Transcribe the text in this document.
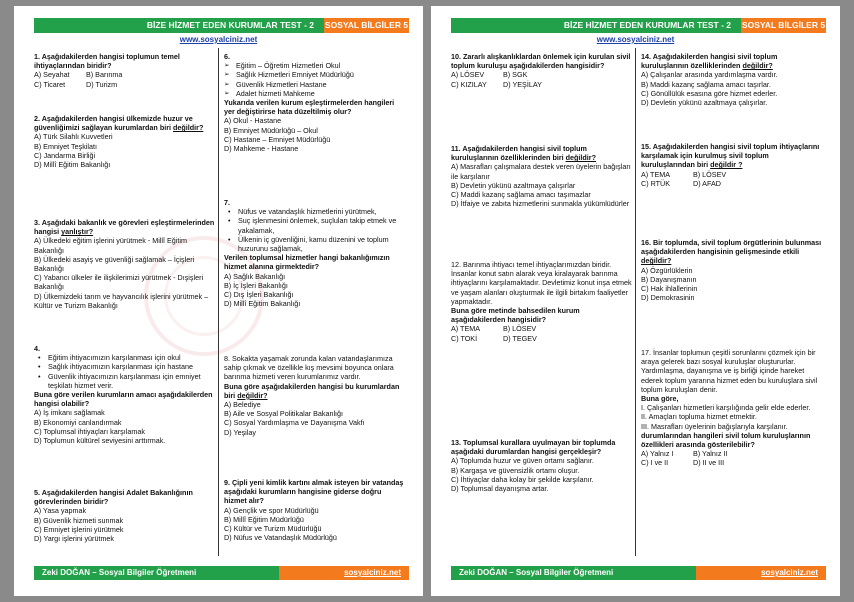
BİZE HİZMET EDEN KURUMLAR TEST - 2	SOSYAL BİLGİLER 5
www.sosyalciniz.net
1. Aşağıdakilerden hangisi toplumun temel ihtiyaçlarından biridir?
A) Seyahat B) Barınma
C) Ticaret	D) Turizm
2. Aşağıdakilerden hangisi ülkemizde huzur ve güvenliğimizi sağlayan kurumlardan biri değildir?
A) Türk Silahlı Kuvvetleri
B) Emniyet Teşkilatı
C) Jandarma Birliği
D) Millî Eğitim Bakanlığı
3. Aşağıdaki bakanlık ve görevleri eşleştirmelerinden hangisi yanlıştır?
A) Ülkedeki eğitim işlerini yürütmek - Millî Eğitim Bakanlığı
B) Ülkedeki asayiş ve güvenliği sağlamak – İçişleri Bakanlığı
C) Yabancı ülkeler ile ilişkilerimizi yürütmek - Dışişleri Bakanlığı
D) Ülkemizdeki tarım ve hayvancılık işlerini yürütmek – Kültür ve Turizm Bakanlığı
4.
• Eğitim ihtiyacımızın karşılanması için okul
• Sağlık ihtiyacımızın karşılanması için hastane
• Güvenlik ihtiyacımızın karşılanması için emniyet teşkilatı hizmet verir.
Buna göre verilen kurumların amacı aşağıdakilerden hangisi olabilir?
A) İş imkanı sağlamak
B) Ekonomiyi canlandırmak
C) Toplumsal ihtiyaçları karşılamak
D) Toplumun kültürel seviyesini arttırmak.
5. Aşağıdakilerden hangisi Adalet Bakanlığının görevlerinden biridir?
A) Yasa yapmak
B) Güvenlik hizmeti sunmak
C) Emniyet işlerini yürütmek
D) Yargı işlerini yürütmek
6.
➢ Eğitim – Öğretim Hizmetleri Okul
➢ Sağlık Hizmetleri Emniyet Müdürlüğü
➢ Güvenlik Hizmetleri Hastane
➢ Adalet hizmeti Mahkeme
Yukarıda verilen kurum eşleştirmelerden hangileri yer değiştirirse hata düzeltilmiş olur?
A) Okul - Hastane
B) Emniyet Müdürlüğü – Okul
C) Hastane – Emniyet Müdürlüğü
D) Mahkeme - Hastane
7.
• Nüfus ve vatandaşlık hizmetlerini yürütmek,
• Suç işlenmesini önlemek, suçluları takip etmek ve yakalamak,
• Ülkenin iç güvenliğini, kamu düzenini ve toplum huzurunu sağlamak,
Verilen toplumsal hizmetler hangi bakanlığımızın hizmet alanına girmektedir?
A) Sağlık Bakanlığı
B) İç İşleri Bakanlığı
C) Dış İşleri Bakanlığı
D) Millî Eğitim Bakanlığı
8. Sokakta yaşamak zorunda kalan vatandaşlarımıza sahip çıkmak ve özellikle kış mevsimi boyunca onlara barınma hizmeti veren kurumlarımız vardır.
Buna göre aşağıdakilerden hangisi bu kurumlardan biri değildir?
A) Belediye
B) Aile ve Sosyal Politikalar Bakanlığı
C) Sosyal Yardımlaşma ve Dayanışma Vakfı
D) Yeşilay
9. Çipli yeni kimlik kartını almak isteyen bir vatandaş aşağıdaki kurumların hangisine giderse doğru hizmet alır?
A) Gençlik ve spor Müdürlüğü
B) Millî Eğitim Müdürlüğü
C) Kültür ve Turizm Müdürlüğü
D) Nüfus ve Vatandaşlık Müdürlüğü
Zeki DOĞAN – Sosyal Bilgiler Öğretmeni	sosyalciniz.net
BİZE HİZMET EDEN KURUMLAR TEST - 2	SOSYAL BİLGİLER 5
www.sosyalciniz.net
10. Zararlı alışkanlıklardan önlemek için kurulan sivil toplum kuruluşu aşağıdakilerden hangisidir?
A) LÖSEV	B) SGK
C) KIZILAY D) YEŞİLAY
11. Aşağıdakilerden hangisi sivil toplum kuruluşlarının özelliklerinden biri değildir?
A) Masrafları çalışmalara destek veren üyelerin bağışları ile karşılanır
B) Devletin yükünü azaltmaya çalışırlar
C) Maddi kazanç sağlama amacı taşımazlar
D) İtfaiye ve zabıta hizmetlerini sunmakla yükümlüdürler
12. Barınma ihtiyacı temel ihtiyaçlarımızdan biridir. İnsanlar konut satın alarak veya kiralayarak barınma ihtiyaçlarını karşılamaktadır. Devletimiz konut inşa etmek ve yaşam alanları oluşturmak ile ilgili birtakım faaliyetler yapmaktadır.
Buna göre metinde bahsedilen kurum aşağıdakilerden hangisidir?
A) TEMA	B) LÖSEV
C) TOKİ	D) TEGEV
13. Toplumsal kurallara uyulmayan bir toplumda aşağıdaki durumlardan hangisi gerçekleşir?
A) Toplumda huzur ve güven ortamı sağlanır.
B) Kargaşa ve güvensizlik ortamı oluşur.
C) İhtiyaçlar daha kolay bir şekilde karşılanır.
D) Toplumsal dayanışma artar.
14. Aşağıdakilerden hangisi sivil toplum kuruluşlarının özelliklerinden değildir?
A) Çalışanlar arasında yardımlaşma vardır.
B) Maddi kazanç sağlama amacı taşırlar.
C) Gönüllülük esasına göre hizmet ederler.
D) Devletin yükünü azaltmaya çalışırlar.
15. Aşağıdakilerden hangisi sivil toplum ihtiyaçlarını karşılamak için kurulmuş sivil toplum kuruluşlarından biri değildir ?
A) TEMA	B) LÖSEV
C) RTÜK	D) AFAD
16. Bir toplumda, sivil toplum örgütlerinin bulunması aşağıdakilerden hangisinin gelişmesinde etkili değildir?
A) Özgürlüklerin
B) Dayanışmanın
C) Hak ihlallerinin
D) Demokrasinin
17. İnsanlar toplumun çeşitli sorunlarını çözmek için bir araya gelerek bazı sosyal kuruluşlar oluştururlar. Yardımlaşma, dayanışma ve iş birliği içinde hareket ederek toplum yararına hizmet eden bu kuruluşlara sivil toplum kuruluşları denir.
Buna göre,
I. Çalışanları hizmetleri karşılığında gelir elde ederler.
II. Amaçları topluma hizmet etmektir.
III. Masrafları üyelerinin bağışlarıyla karşılanır.
durumlarından hangileri sivil tolum kuruluşlarının özellikleri arasında gösterilebilir?
A) Yalnız I	B) Yalnız II
C) I ve II	D) II ve III
Zeki DOĞAN – Sosyal Bilgiler Öğretmeni	sosyalciniz.net
